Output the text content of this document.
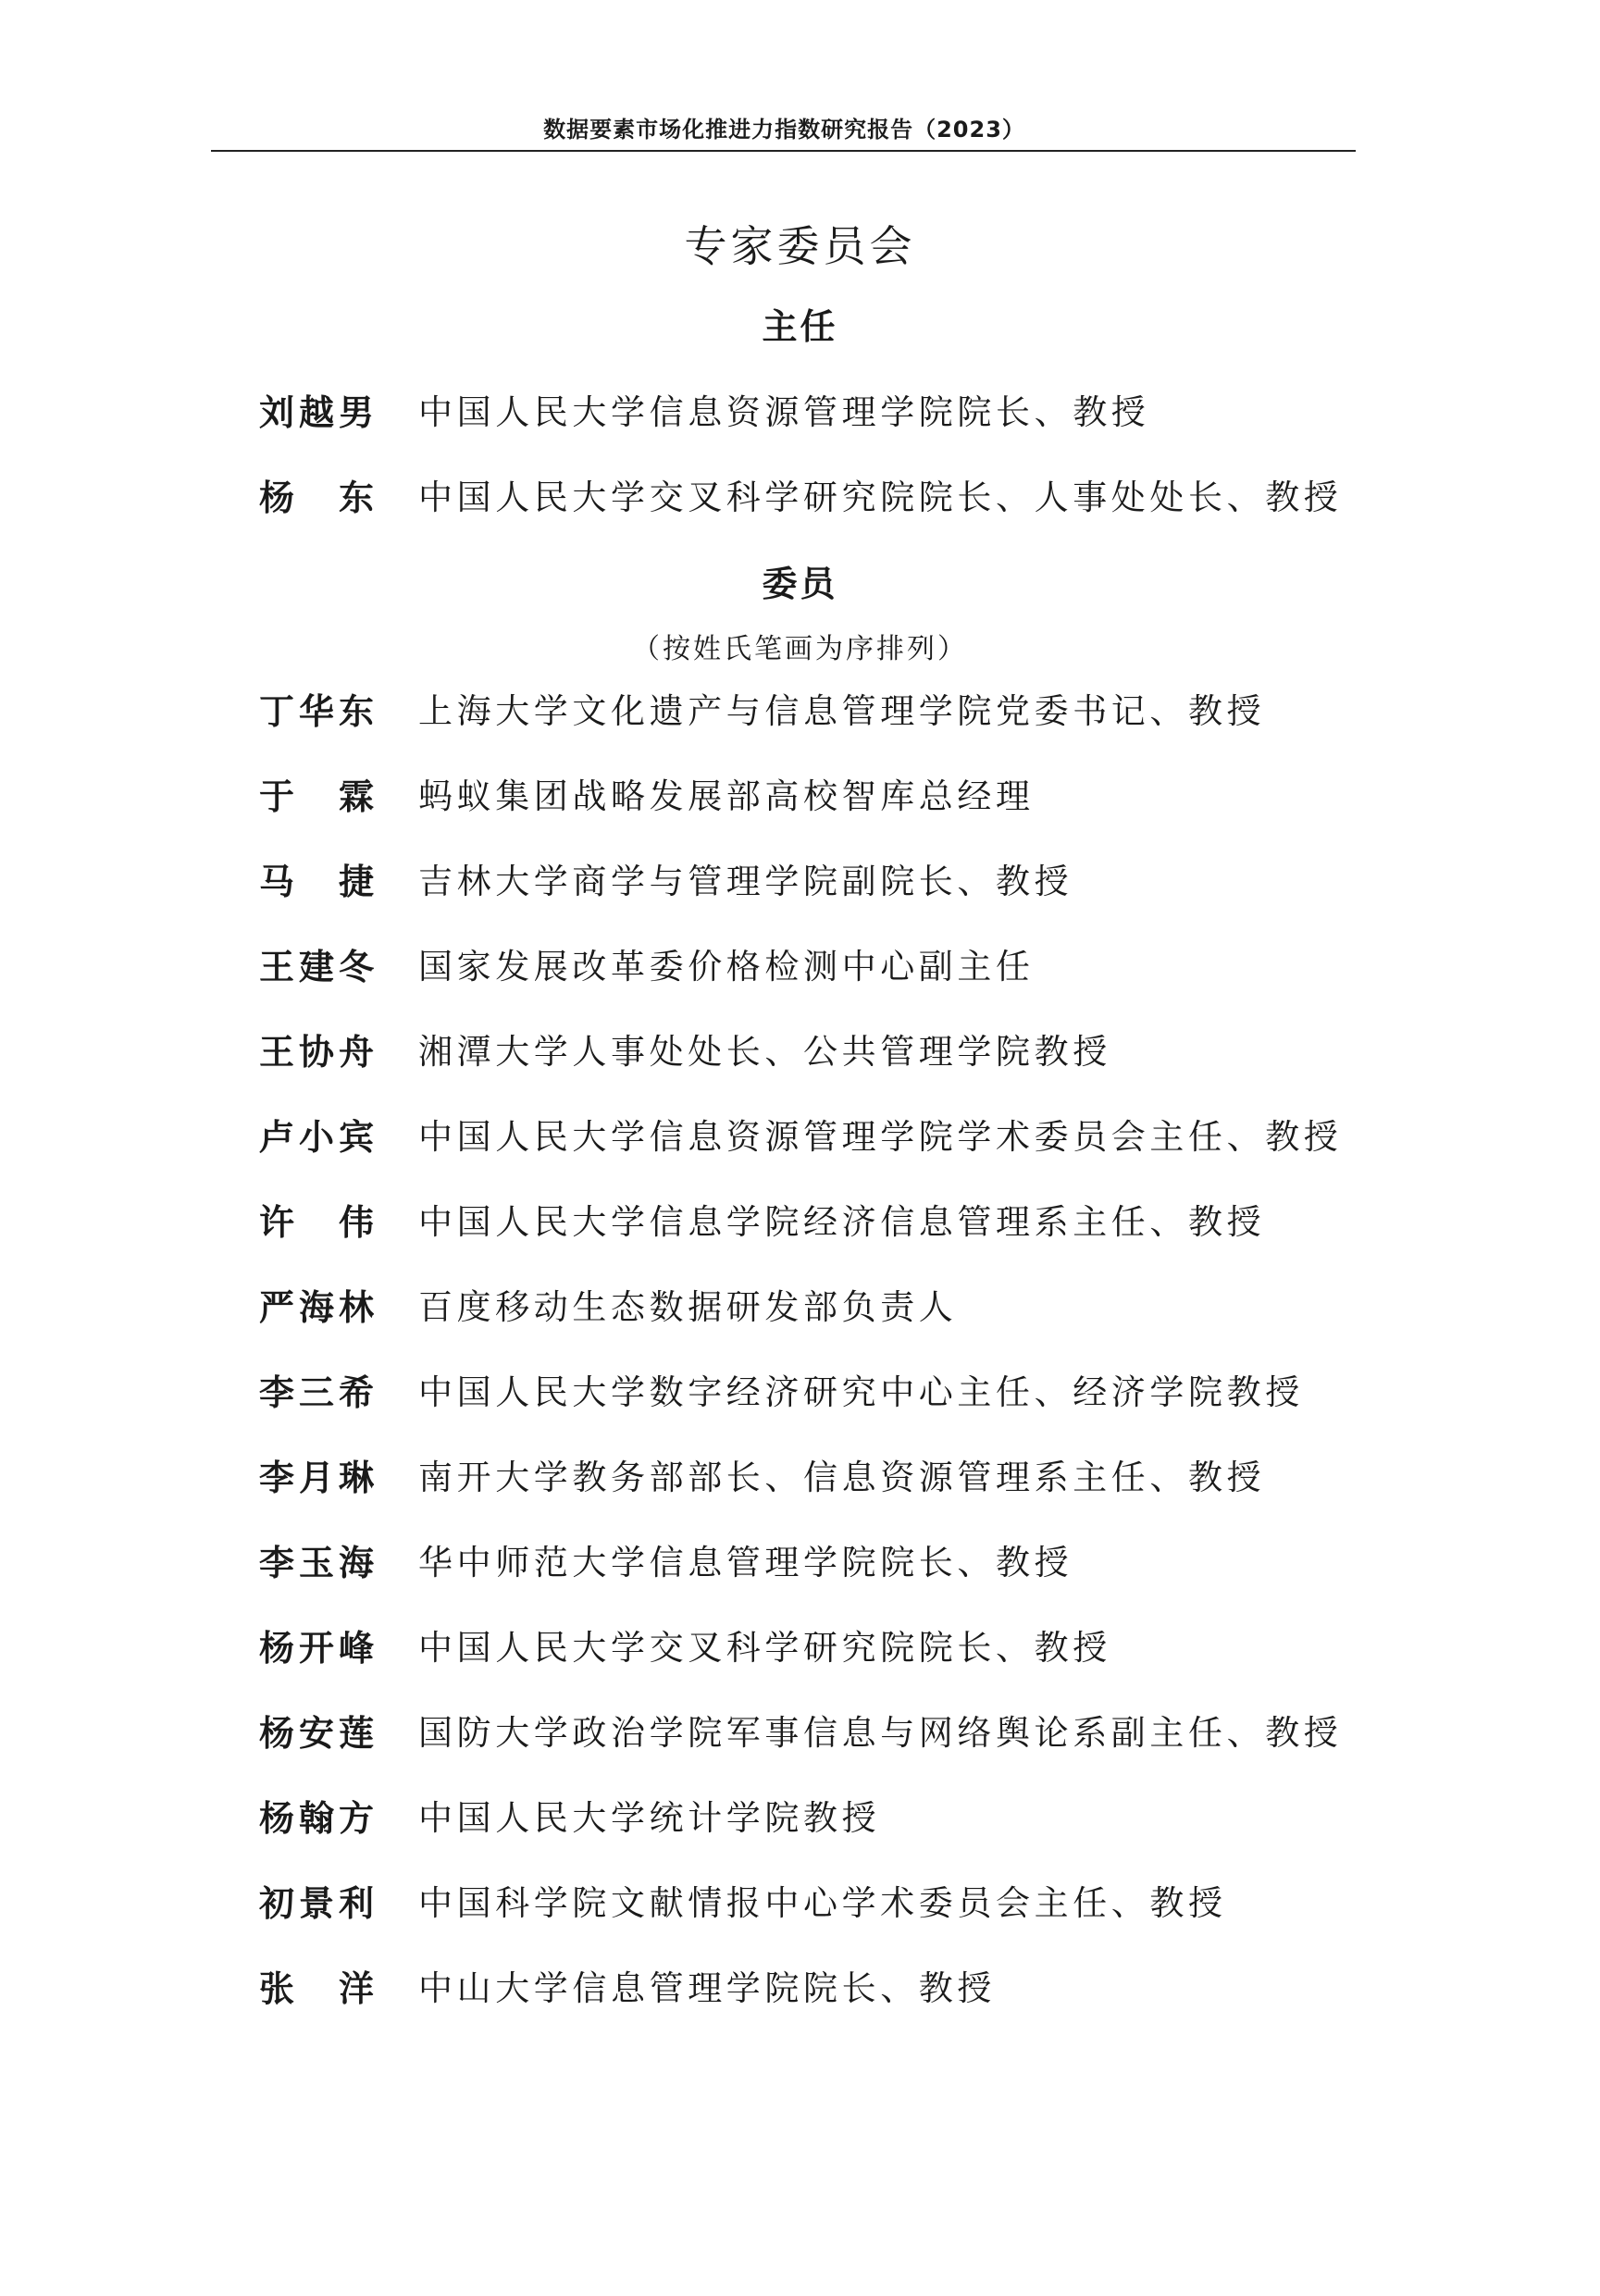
数据要素市场化推进力指数研究报告（2023）
专家委员会
主任
刘越男 中国人民大学信息资源管理学院院长、教授
杨　东 中国人民大学交叉科学研究院院长、人事处处长、教授
委员
（按姓氏笔画为序排列）
丁华东 上海大学文化遗产与信息管理学院党委书记、教授
于　霖 蚂蚁集团战略发展部高校智库总经理
马　捷 吉林大学商学与管理学院副院长、教授
王建冬 国家发展改革委价格检测中心副主任
王协舟 湘潭大学人事处处长、公共管理学院教授
卢小宾 中国人民大学信息资源管理学院学术委员会主任、教授
许　伟 中国人民大学信息学院经济信息管理系主任、教授
严海林 百度移动生态数据研发部负责人
李三希 中国人民大学数字经济研究中心主任、经济学院教授
李月琳 南开大学教务部部长、信息资源管理系主任、教授
李玉海 华中师范大学信息管理学院院长、教授
杨开峰 中国人民大学交叉科学研究院院长、教授
杨安莲 国防大学政治学院军事信息与网络舆论系副主任、教授
杨翰方 中国人民大学统计学院教授
初景利 中国科学院文献情报中心学术委员会主任、教授
张　洋 中山大学信息管理学院院长、教授
